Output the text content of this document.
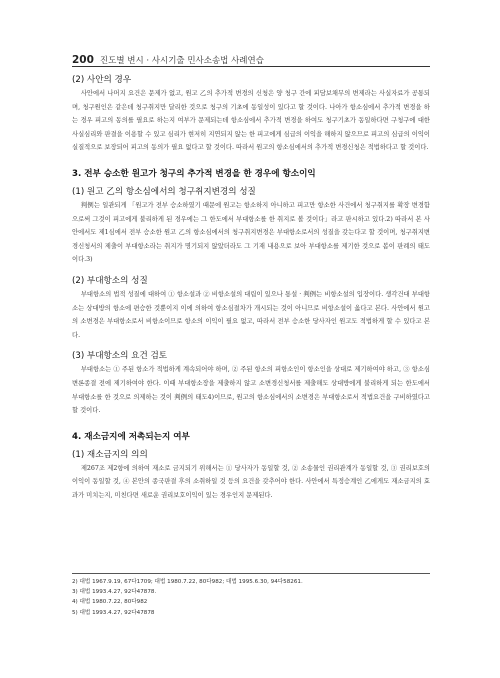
200 진도별 변시 · 사시기출 민사소송법 사례연습
(2) 사안의 경우

사안에서 나머지 요건은 문제가 없고, 원고 乙의 추가적 변경의 신청은 양 청구 간에 피담보채무의 변제라는 사실자료가 공통되며, 청구원인은 같은데 청구취지만 달리한 것으로 청구의 기초에 동일성이 있다고 할 것이다. 나아가 항소심에서 추가적 변경을 하는 경우 피고의 동의를 필요로 하는지 여부가 문제되는데 항소심에서 추가적 변경을 하여도 청구기초가 동일하다면 구청구에 대한 사실심리와 판결을 이용할 수 있고 심리가 현저히 지연되지 않는 한 피고에게 심급의 이익을 해하지 않으므로 피고의 심급의 이익이 실질적으로 보장되어 피고의 동의가 필요 없다고 할 것이다. 따라서 원고의 항소심에서의 추가적 변경신청은 적법하다고 할 것이다.

3. 전부 승소한 원고가 청구의 추가적 변경을 한 경우에 항소이익
(1) 원고 乙의 항소심에서의 청구취지변경의 성질

判例는 일관되게 「원고가 전부 승소하였기 때문에 원고는 항소하지 아니하고 피고만 항소한 사건에서 청구취지를 확장 변경함으로써 그것이 피고에게 불리하게 된 경우에는 그 한도에서 부대항소를 한 취지로 볼 것이다」라고 판시하고 있다.2) 따라서 본 사안에서도 제1심에서 전부 승소한 원고 乙의 항소심에서의 청구취지변경은 부대항소로서의 성질을 갖는다고 할 것이며, 청구취지변경신청서의 제출이 부대항소라는 취지가 명기되지 않았더라도 그 기재 내용으로 보아 부대항소를 제기한 것으로 봄이 판례의 태도이다.3)

(2) 부대항소의 성질

부대항소의 법적 성질에 대하여 ① 항소설과 ② 비항소설의 대립이 있으나 통설 · 判例는 비항소설의 입장이다. 생각건대 부대항소는 상대방의 항소에 편승한 것뿐이지 이에 의하여 항소심절차가 개시되는 것이 아니므로 비항소설이 옳다고 본다. 사안에서 원고의 소변경은 부대항소로서 비항소이므로 항소의 이익이 필요 없고, 따라서 전부 승소한 당사자인 원고도 적법하게 할 수 있다고 본다.

(3) 부대항소의 요건 검토

부대항소는 ① 주된 항소가 적법하게 계속되어야 하며, ② 주된 항소의 피항소인이 항소인을 상대로 제기하여야 하고, ③ 항소심 변론종결 전에 제기하여야 한다. 이때 부대항소장을 제출하지 않고 소변경신청서를 제출해도 상대방에게 불리하게 되는 한도에서 부대항소를 한 것으로 의제하는 것이 判例의 태도4)이므로, 원고의 항소심에서의 소변경은 부대항소로서 적법요건을 구비하였다고 할 것이다.

4. 재소금지에 저촉되는지 여부
(1) 재소금지의 의의

제267조 제2항에 의하여 재소로 금지되기 위해서는 ① 당사자가 동일할 것, ② 소송물인 권리관계가 동일할 것, ③ 권리보호의 이익이 동일할 것, ④ 본안의 종국판결 후의 소취하일 것 등의 요건을 갖추어야 한다. 사안에서 특정승계인 乙에게도 재소금지의 효과가 미치는지, 미친다면 새로운 권리보호이익이 있는 경우인지 문제된다.

2) 대법 1967.9.19, 67다1709; 대법 1980.7.22, 80다982; 대법 1995.6.30, 94다58261.
3) 대법 1993.4.27, 92다47878.
4) 대법 1980.7.22, 80다982
5) 대법 1993.4.27, 92다47878
